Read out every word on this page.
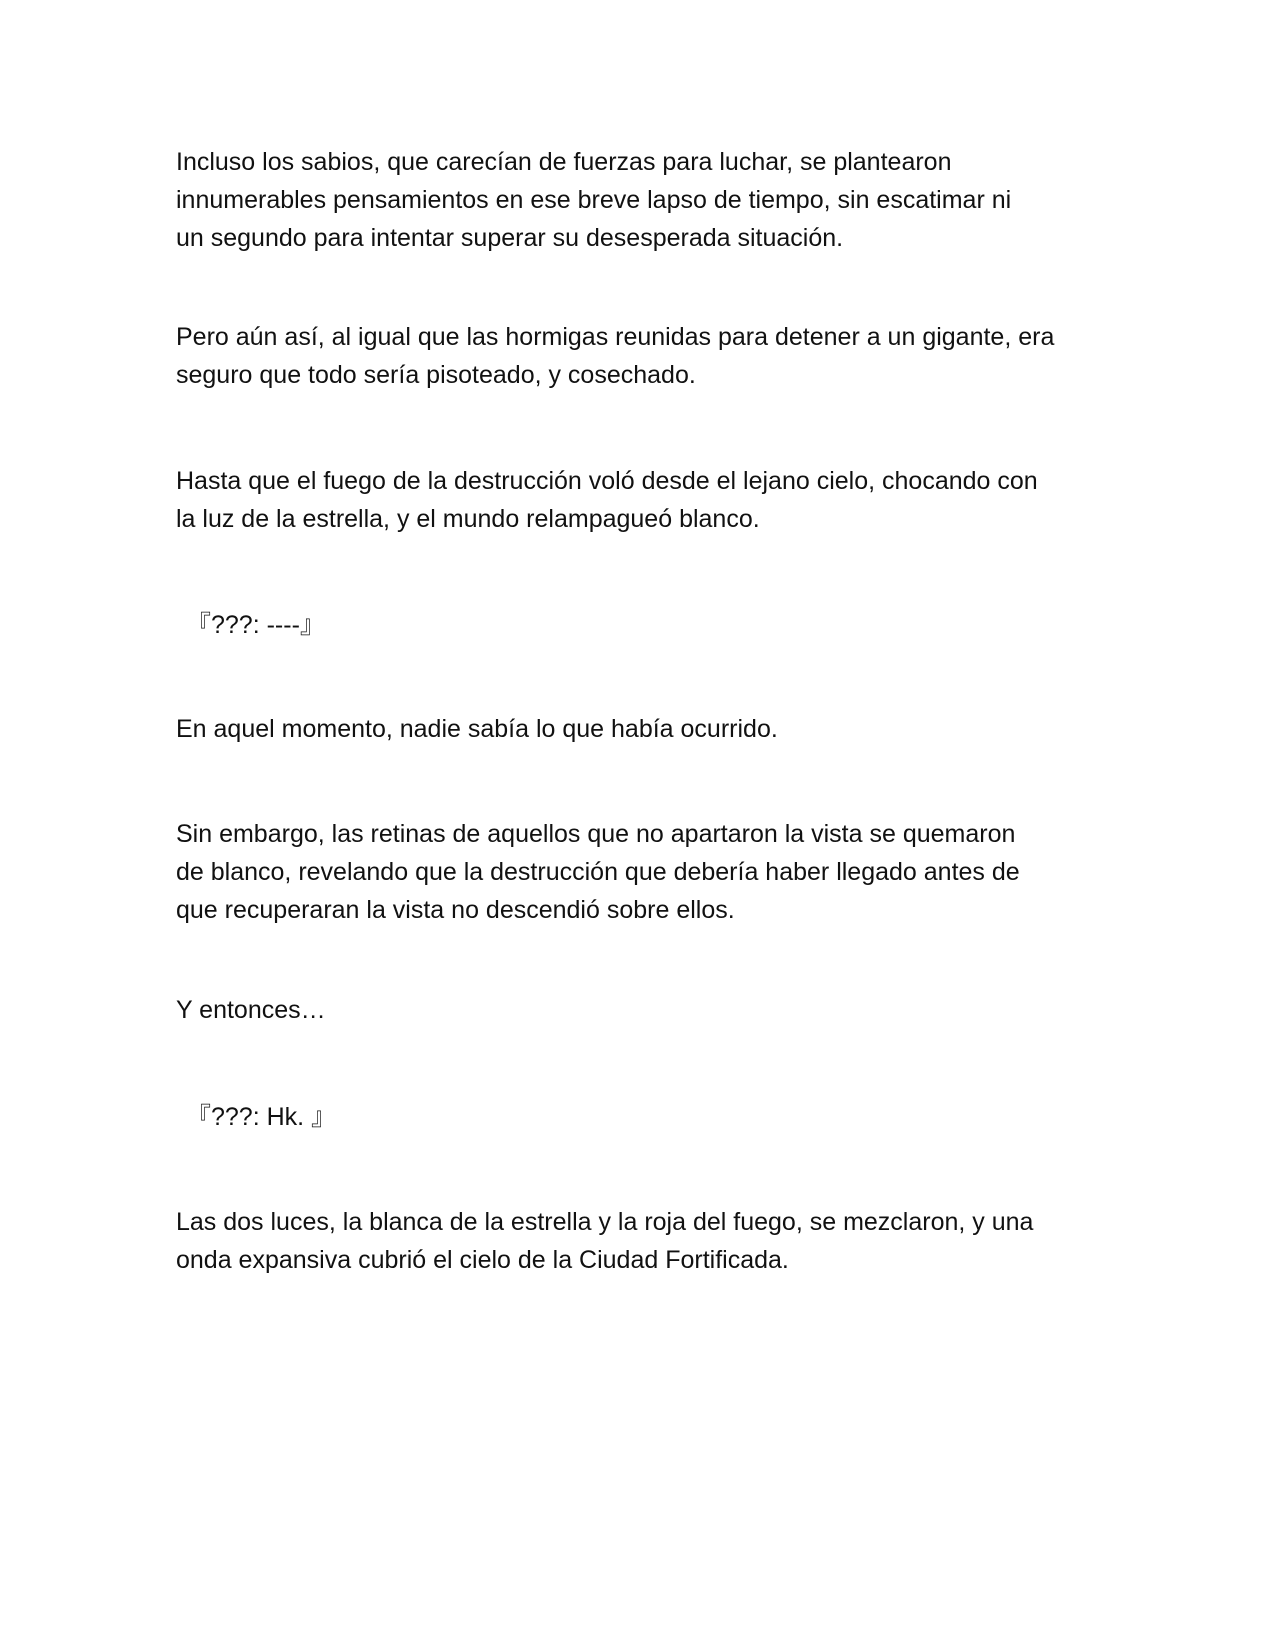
Incluso los sabios, que carecían de fuerzas para luchar, se plantearon
innumerables pensamientos en ese breve lapso de tiempo, sin escatimar ni
un segundo para intentar superar su desesperada situación.

Pero aún así, al igual que las hormigas reunidas para detener a un gigante, era
seguro que todo sería pisoteado, y cosechado.

Hasta que el fuego de la destrucción voló desde el lejano cielo, chocando con
la luz de la estrella, y el mundo relampagueó blanco.

『???: ----』

En aquel momento, nadie sabía lo que había ocurrido.

Sin embargo, las retinas de aquellos que no apartaron la vista se quemaron
de blanco, revelando que la destrucción que debería haber llegado antes de
que recuperaran la vista no descendió sobre ellos.

Y entonces…

『???: Hk. 』

Las dos luces, la blanca de la estrella y la roja del fuego, se mezclaron, y una
onda expansiva cubrió el cielo de la Ciudad Fortificada.
